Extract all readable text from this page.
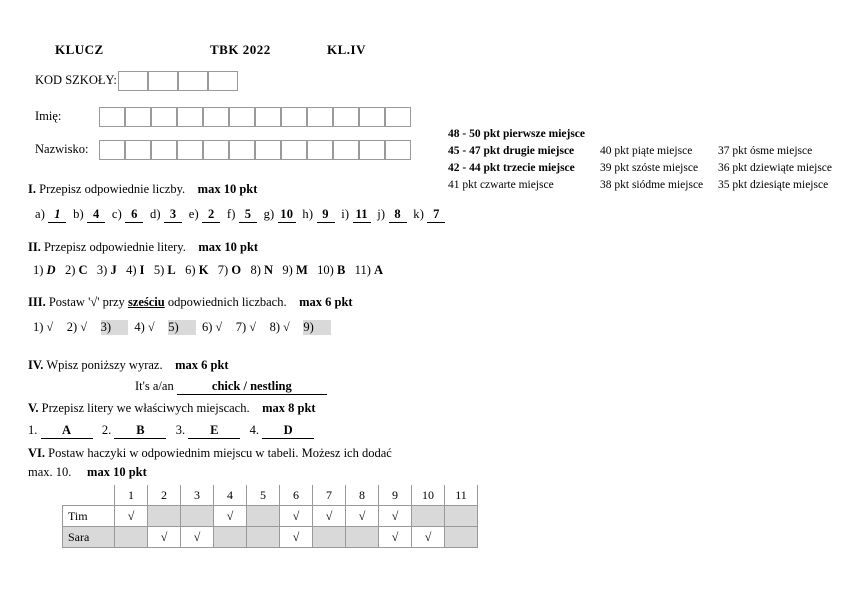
KLUCZ	TBK 2022	KL.IV
KOD SZKOŁY:
Imię:
Nazwisko:
48 - 50 pkt pierwsze miejsce
45 - 47 pkt drugie miejsce 40 pkt piąte miejsce 37 pkt ósme miejsce
42 - 44 pkt trzecie miejsce 39 pkt szóste miejsce 36 pkt dziewiąte miejsce
41 pkt czwarte miejsce	38 pkt siódme miejsce 35 pkt dziesiąte miejsce
I. Przepisz odpowiednie liczby. max 10 pkt
a) 1 b) 4 c) 6 d) 3 e) 2 f) 5 g) 10 h) 9 i) 11 j) 8 k) 7
II. Przepisz odpowiednie litery. max 10 pkt
1) D 2) C 3) J 4) I 5) L 6) K 7) O 8) N 9) M 10) B 11) A
III. Postaw '√' przy sześciu odpowiednich liczbach. max 6 pkt
1) √ 2) √ 3)   4) √ 5)   6) √ 7) √ 8) √ 9)
IV. Wpisz poniższy wyraz. max 6 pkt
It's a/an	chick / nestling
V. Przepisz litery we właściwych miejscach. max 8 pkt
1. A 2. B 3. E 4. D
VI. Postaw haczyki w odpowiednim miejscu w tabeli. Możesz ich dodać
max. 10. max 10 pkt
	1	2	3	4	5	6	7	8	9	10	11
Tim	√			√		√	√	√	√		
Sara		√	√			√			√	√	
